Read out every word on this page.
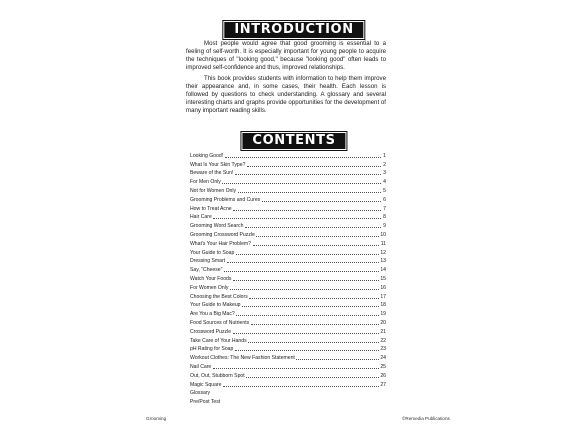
INTRODUCTION

Most people would agree that good grooming is essential to a feeling of self-worth. It is especially important for young people to acquire the techniques of "looking good," because "looking good" often leads to improved self-confidence and thus, improved relationships.

This book provides students with information to help them improve their appearance and, in some cases, their health. Each lesson is followed by questions to check understanding. A glossary and several interesting charts and graphs provide opportunities for the development of many important reading skills.

CONTENTS
Looking Good!	1
What Is Your Skin Type?	2
Beware of the Sun!	3
For Men Only	4
Not for Women Only	5
Grooming Problems and Cures	6
How to Treat Acne	7
Hair Care	8
Grooming Word Search	9
Grooming Crossword Puzzle	10
What's Your Hair Problem?	11
Your Guide to Soap	12
Dressing Smart	13
Say, "Cheese"	14
Watch Your Foods	15
For Women Only	16
Choosing the Best Colors	17
Your Guide to Makeup	18
Are You a Big Mac?	19
Food Sources of Nutrients	20
Crossword Puzzle	21
Take Care of Your Hands	22
pH Rating for Soap	23
Workout Clothes: The New Fashion Statement	24
Nail Care	25
Out, Out, Stubborn Spot	26
Magic Square	27
Glossary
Pre/Post Test
Grooming	©Remedia Publications
